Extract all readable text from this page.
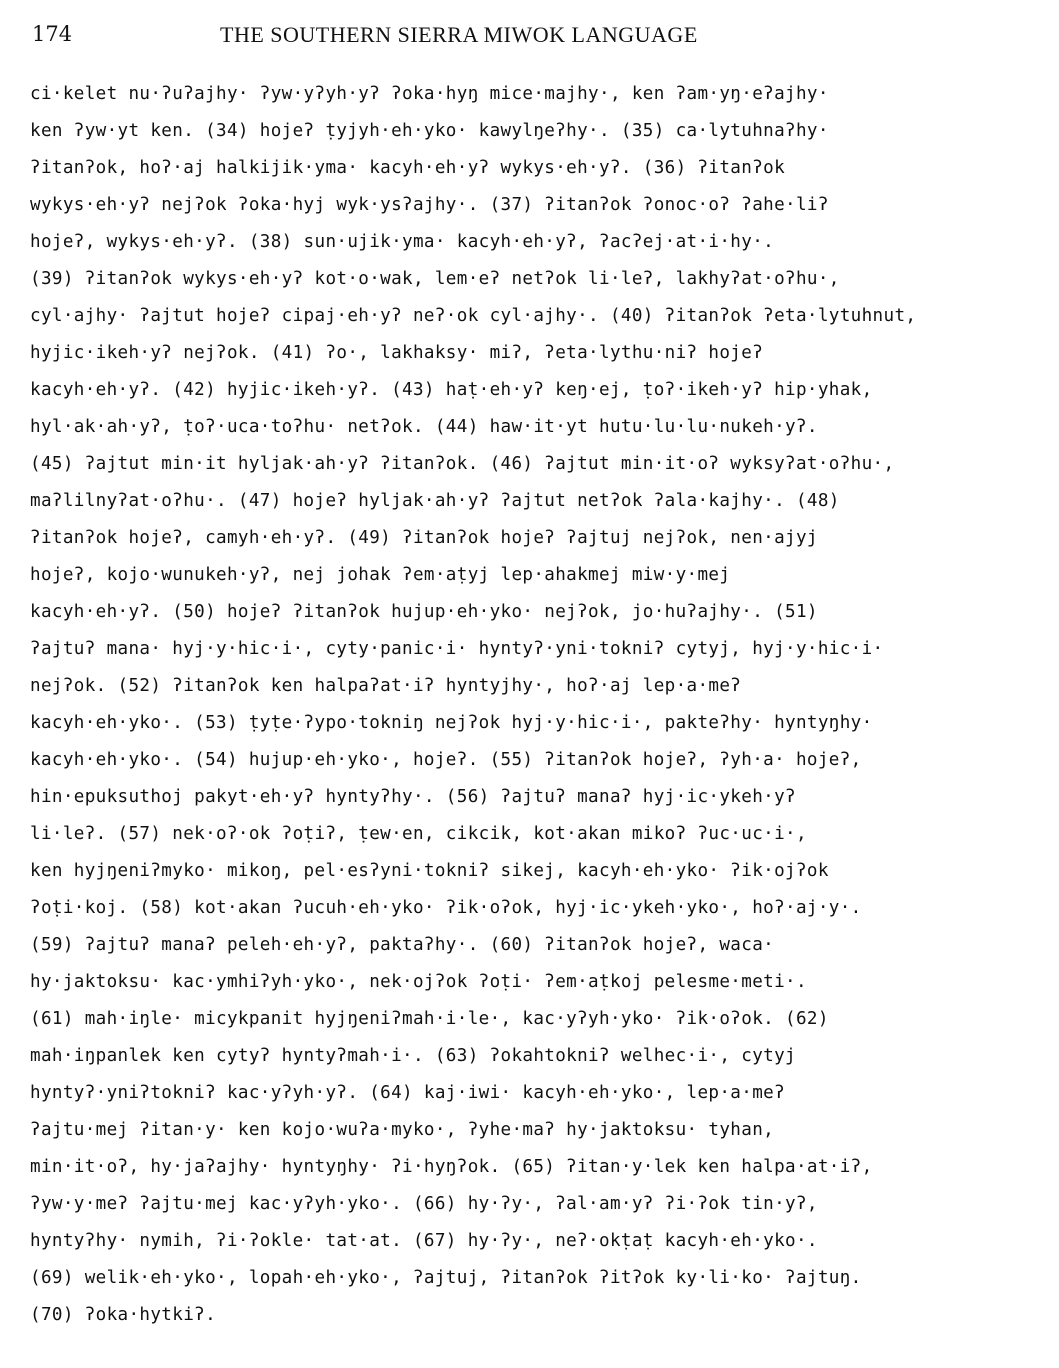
174	THE SOUTHERN SIERRA MIWOK LANGUAGE
ci·kelet nu·ʔuʔajhy· ʔyw·yʔyh·yʔ ʔoka·hyŋ mice·majhy·, ken ʔam·yŋ·eʔajhy·
ken ʔyw·yt ken. (34) hojeʔ ṭyjyh·eh·yko· kawylŋeʔhy·. (35) ca·lytuhnaʔhy·
ʔitanʔok, hoʔ·aj halkijik·yma· kacyh·eh·yʔ wykys·eh·yʔ. (36) ʔitanʔok
wykys·eh·yʔ nejʔok ʔoka·hyj wyk·ysʔajhy·. (37) ʔitanʔok ʔonoc·oʔ ʔahe·liʔ
hojeʔ, wykys·eh·yʔ. (38) sun·ujik·yma· kacyh·eh·yʔ, ʔacʔej·at·i·hy·.
(39) ʔitanʔok wykys·eh·yʔ kot·o·wak, lem·eʔ netʔok li·leʔ, lakhyʔat·oʔhu·,
cyl·ajhy· ʔajtut hojeʔ cipaj·eh·yʔ neʔ·ok cyl·ajhy·. (40) ʔitanʔok ʔeta·lytuhnut,
hyjic·ikeh·yʔ nejʔok. (41) ʔo·, lakhaksy· miʔ, ʔeta·lythu·niʔ hojeʔ
kacyh·eh·yʔ. (42) hyjic·ikeh·yʔ. (43) haṭ·eh·yʔ keŋ·ej, ṭoʔ·ikeh·yʔ hip·yhak,
hyl·ak·ah·yʔ, ṭoʔ·uca·toʔhu· netʔok. (44) haw·it·yt hutu·lu·lu·nukeh·yʔ.
(45) ʔajtut min·it hyljak·ah·yʔ ʔitanʔok. (46) ʔajtut min·it·oʔ wyksyʔat·oʔhu·,
maʔlilnyʔat·oʔhu·. (47) hojeʔ hyljak·ah·yʔ ʔajtut netʔok ʔala·kajhy·. (48)
ʔitanʔok hojeʔ, camyh·eh·yʔ. (49) ʔitanʔok hojeʔ ʔajtuj nejʔok, nen·ajyj
hojeʔ, kojo·wunukeh·yʔ, nej johak ʔem·aṭyj lep·ahakmej miw·y·mej
kacyh·eh·yʔ. (50) hojeʔ ʔitanʔok hujup·eh·yko· nejʔok, jo·huʔajhy·. (51)
ʔajtuʔ mana· hyj·y·hic·i·, cyty·panic·i· hyntyʔ·yni·tokniʔ cytyj, hyj·y·hic·i·
nejʔok. (52) ʔitanʔok ken halpaʔat·iʔ hyntyjhy·, hoʔ·aj lep·a·meʔ
kacyh·eh·yko·. (53) ṭyṭe·ʔypo·tokniŋ nejʔok hyj·y·hic·i·, pakteʔhy· hyntyŋhy·
kacyh·eh·yko·. (54) hujup·eh·yko·, hojeʔ. (55) ʔitanʔok hojeʔ, ʔyh·a· hojeʔ,
hin·epuksuthoj pakyt·eh·yʔ hyntyʔhy·. (56) ʔajtuʔ manaʔ hyj·ic·ykeh·yʔ
li·leʔ. (57) nek·oʔ·ok ʔoṭiʔ, ṭew·en, cikcik, kot·akan mikoʔ ʔuc·uc·i·,
ken hyjŋeniʔmyko· mikoŋ, pel·esʔyni·tokniʔ sikej, kacyh·eh·yko· ʔik·ojʔok
ʔoṭi·koj. (58) kot·akan ʔucuh·eh·yko· ʔik·oʔok, hyj·ic·ykeh·yko·, hoʔ·aj·y·.
(59) ʔajtuʔ manaʔ peleh·eh·yʔ, paktaʔhy·. (60) ʔitanʔok hojeʔ, waca·
hy·jaktoksu· kac·ymhiʔyh·yko·, nek·ojʔok ʔoṭi· ʔem·aṭkoj pelesme·meti·.
(61) mah·iŋle· micykpanit hyjŋeniʔmah·i·le·, kac·yʔyh·yko· ʔik·oʔok. (62)
mah·iŋpanlek ken cytyʔ hyntyʔmah·i·. (63) ʔokahtokniʔ welhec·i·, cytyj
hyntyʔ·yniʔtokniʔ kac·yʔyh·yʔ. (64) kaj·iwi· kacyh·eh·yko·, lep·a·meʔ
ʔajtu·mej ʔitan·y· ken kojo·wuʔa·myko·, ʔyhe·maʔ hy·jaktoksu· tyhan,
min·it·oʔ, hy·jaʔajhy· hyntyŋhy· ʔi·hyŋʔok. (65) ʔitan·y·lek ken halpa·at·iʔ,
ʔyw·y·meʔ ʔajtu·mej kac·yʔyh·yko·. (66) hy·ʔy·, ʔal·am·yʔ ʔi·ʔok tin·yʔ,
hyntyʔhy· nymih, ʔi·ʔokle· tat·at. (67) hy·ʔy·, neʔ·okṭaṭ kacyh·eh·yko·.
(69) welik·eh·yko·, lopah·eh·yko·, ʔajtuj, ʔitanʔok ʔitʔok ky·li·ko· ʔajtuŋ.
(70) ʔoka·hytkiʔ.
